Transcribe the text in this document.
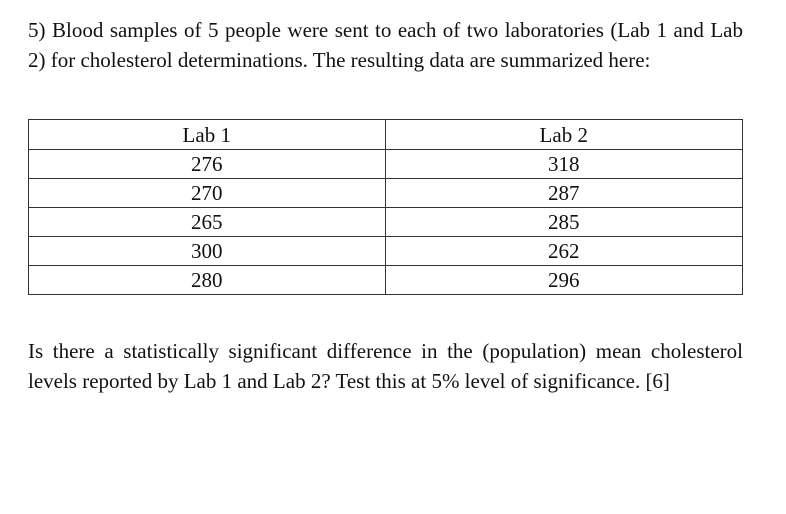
5) Blood samples of 5 people were sent to each of two laboratories (Lab 1 and Lab 2) for cholesterol determinations. The resulting data are summarized here:

Lab 1	Lab 2
276	318
270	287
265	285
300	262
280	296

Is there a statistically significant difference in the (population) mean cholesterol levels reported by Lab 1 and Lab 2? Test this at 5% level of significance. [6]
